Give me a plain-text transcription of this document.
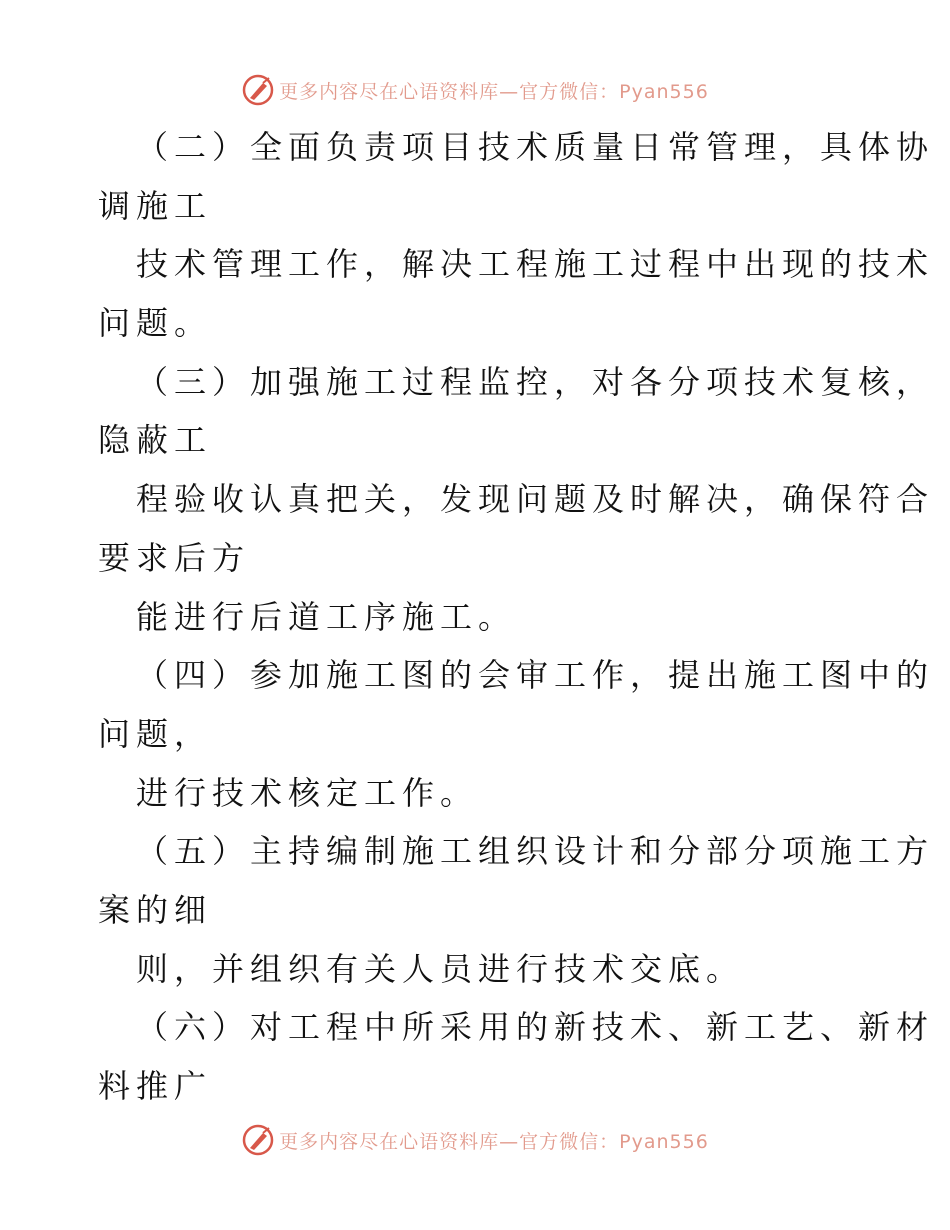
更多内容尽在心语资料库—官方微信：Pyan556

（二）全面负责项目技术质量日常管理，具体协

调施工

技术管理工作，解决工程施工过程中出现的技术

问题。

（三）加强施工过程监控，对各分项技术复核，

隐蔽工

程验收认真把关，发现问题及时解决，确保符合

要求后方

能进行后道工序施工。

（四）参加施工图的会审工作，提出施工图中的

问题，

进行技术核定工作。

（五）主持编制施工组织设计和分部分项施工方

案的细

则，并组织有关人员进行技术交底。

（六）对工程中所采用的新技术、新工艺、新材

料推广

更多内容尽在心语资料库—官方微信：Pyan556
